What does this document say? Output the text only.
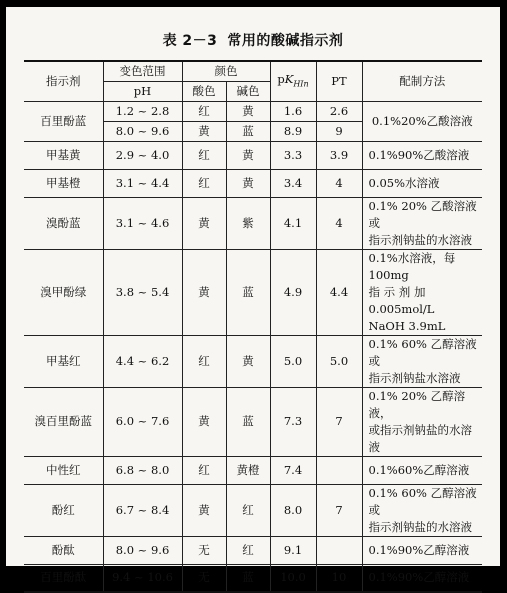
表 2－3 常用的酸碱指示剂
指示剂	变色范围	颜色		$pK_{HIn}$	PT	配制方法
	pH	酸色	碱色			
百里酚蓝	1.2 ~ 2.8	红	黄	1.6	2.6	0.1%20%乙酸溶液
	8.0 ~ 9.6	黄	蓝	8.9	9	
甲基黄	2.9 ~ 4.0	红	黄	3.3	3.9	0.1%90%乙酸溶液
甲基橙	3.1 ~ 4.4	红	黄	3.4	4	0.05%水溶液
溴酚蓝	3.1 ~ 4.6	黄	紫	4.1	4	0.1% 20% 乙酸溶液或
指示剂钠盐的水溶液

溴甲酚绿	3.8 ~ 5.4	黄	蓝	4.9	4.4	0.1%水溶液，每100mg
指 示 剂 加 0.005mol/L
NaOH 3.9mL

甲基红	4.4 ~ 6.2	红	黄	5.0	5.0	0.1% 60% 乙醇溶液或
指示剂钠盐水溶液

溴百里酚蓝	6.0 ~ 7.6	黄	蓝	7.3	7	0.1% 20% 乙醇溶液，
或指示剂钠盐的水溶液

中性红	6.8 ~ 8.0	红	黄橙	7.4		0.1%60%乙醇溶液
酚红	6.7 ~ 8.4	黄	红	8.0	7	0.1% 60% 乙醇溶液或
指示剂钠盐的水溶液

酚酞	8.0 ~ 9.6	无	红	9.1		0.1%90%乙醇溶液
百里酚酞	9.4 ~ 10.6	无	蓝	10.0	10	0.1%90%乙醇溶液
